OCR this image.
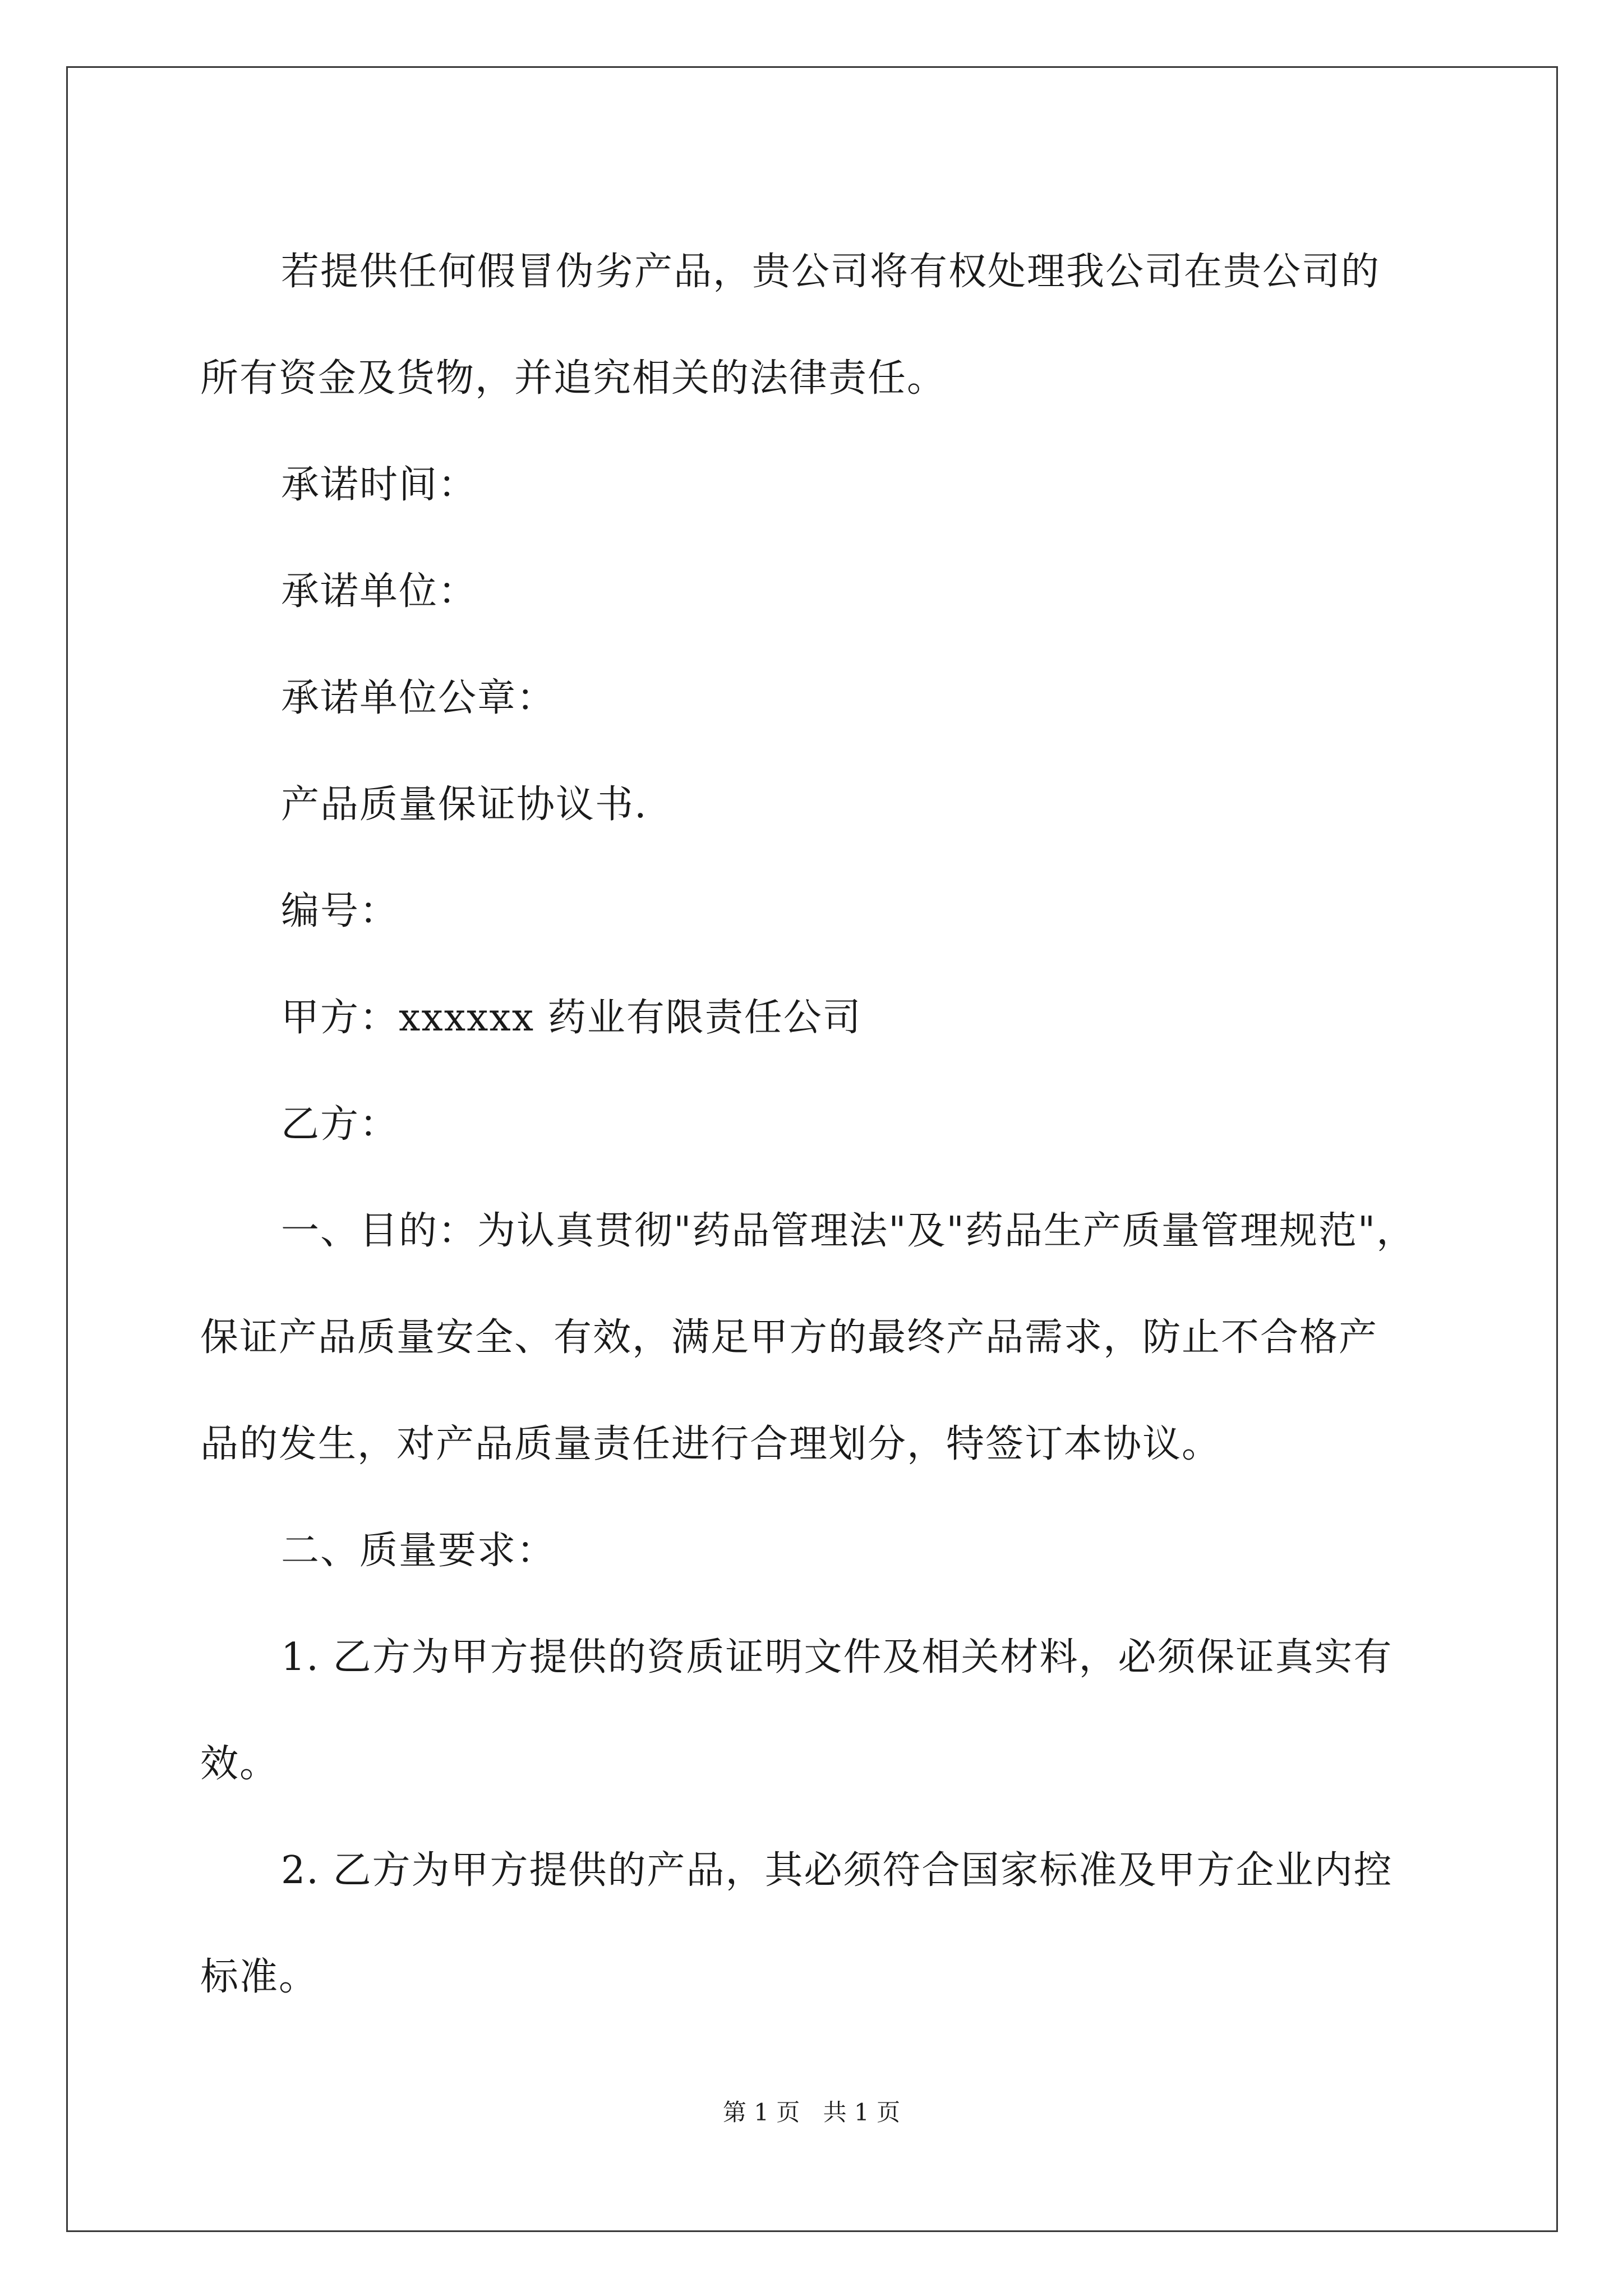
若提供任何假冒伪劣产品，贵公司将有权处理我公司在贵公司的
所有资金及货物，并追究相关的法律责任。

承诺时间：

承诺单位：

承诺单位公章：

产品质量保证协议书.

编号：

甲方：xxxxxx 药业有限责任公司

乙方：

一、目的：为认真贯彻"药品管理法"及"药品生产质量管理规范"，
保证产品质量安全、有效，满足甲方的最终产品需求，防止不合格产
品的发生，对产品质量责任进行合理划分，特签订本协议。

二、质量要求：

1. 乙方为甲方提供的资质证明文件及相关材料，必须保证真实有
效。

2. 乙方为甲方提供的产品，其必须符合国家标准及甲方企业内控
标准。

第 1 页 共 1 页
